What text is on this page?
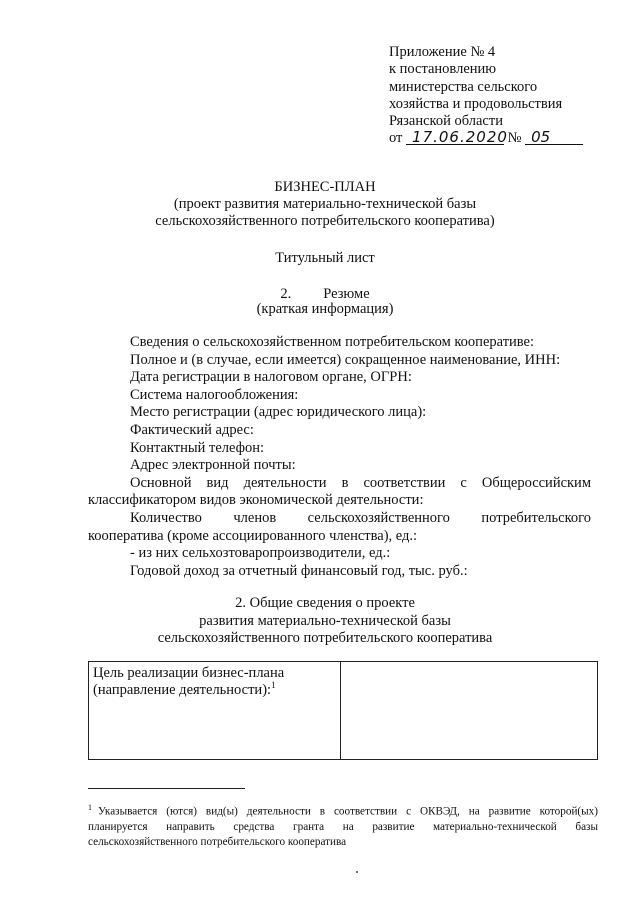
Приложение № 4
к постановлению
министерства сельского
хозяйства и продовольствия
Рязанской области
от 17.06.2020 № 05
БИЗНЕС-ПЛАН
(проект развития материально-технической базы
сельскохозяйственного потребительского кооператива)
Титульный лист
2. Резюме
(краткая информация)

Сведения о сельскохозяйственном потребительском кооперативе:

Полное и (в случае, если имеется) сокращенное наименование, ИНН:

Дата регистрации в налоговом органе, ОГРН:

Система налогообложения:

Место регистрации (адрес юридического лица):

Фактический адрес:

Контактный телефон:

Адрес электронной почты:

Основной вид деятельности в соответствии с Общероссийским

классификатором видов экономической деятельности:

Количество членов сельскохозяйственного потребительского

кооператива (кроме ассоциированного членства), ед.:

- из них сельхозтоваропроизводители, ед.:

Годовой доход за отчетный финансовый год, тыс. руб.:

2. Общие сведения о проекте
развития материально-технической базы
сельскохозяйственного потребительского кооператива
Цель реализации бизнес-плана
(направление деятельности):$^1$
$^1$ Указывается (ются) вид(ы) деятельности в соответствии с ОКВЭД, на развитие которой(ых) планируется направить средства гранта на развитие материально-технической базы сельскохозяйственного потребительского кооператива
